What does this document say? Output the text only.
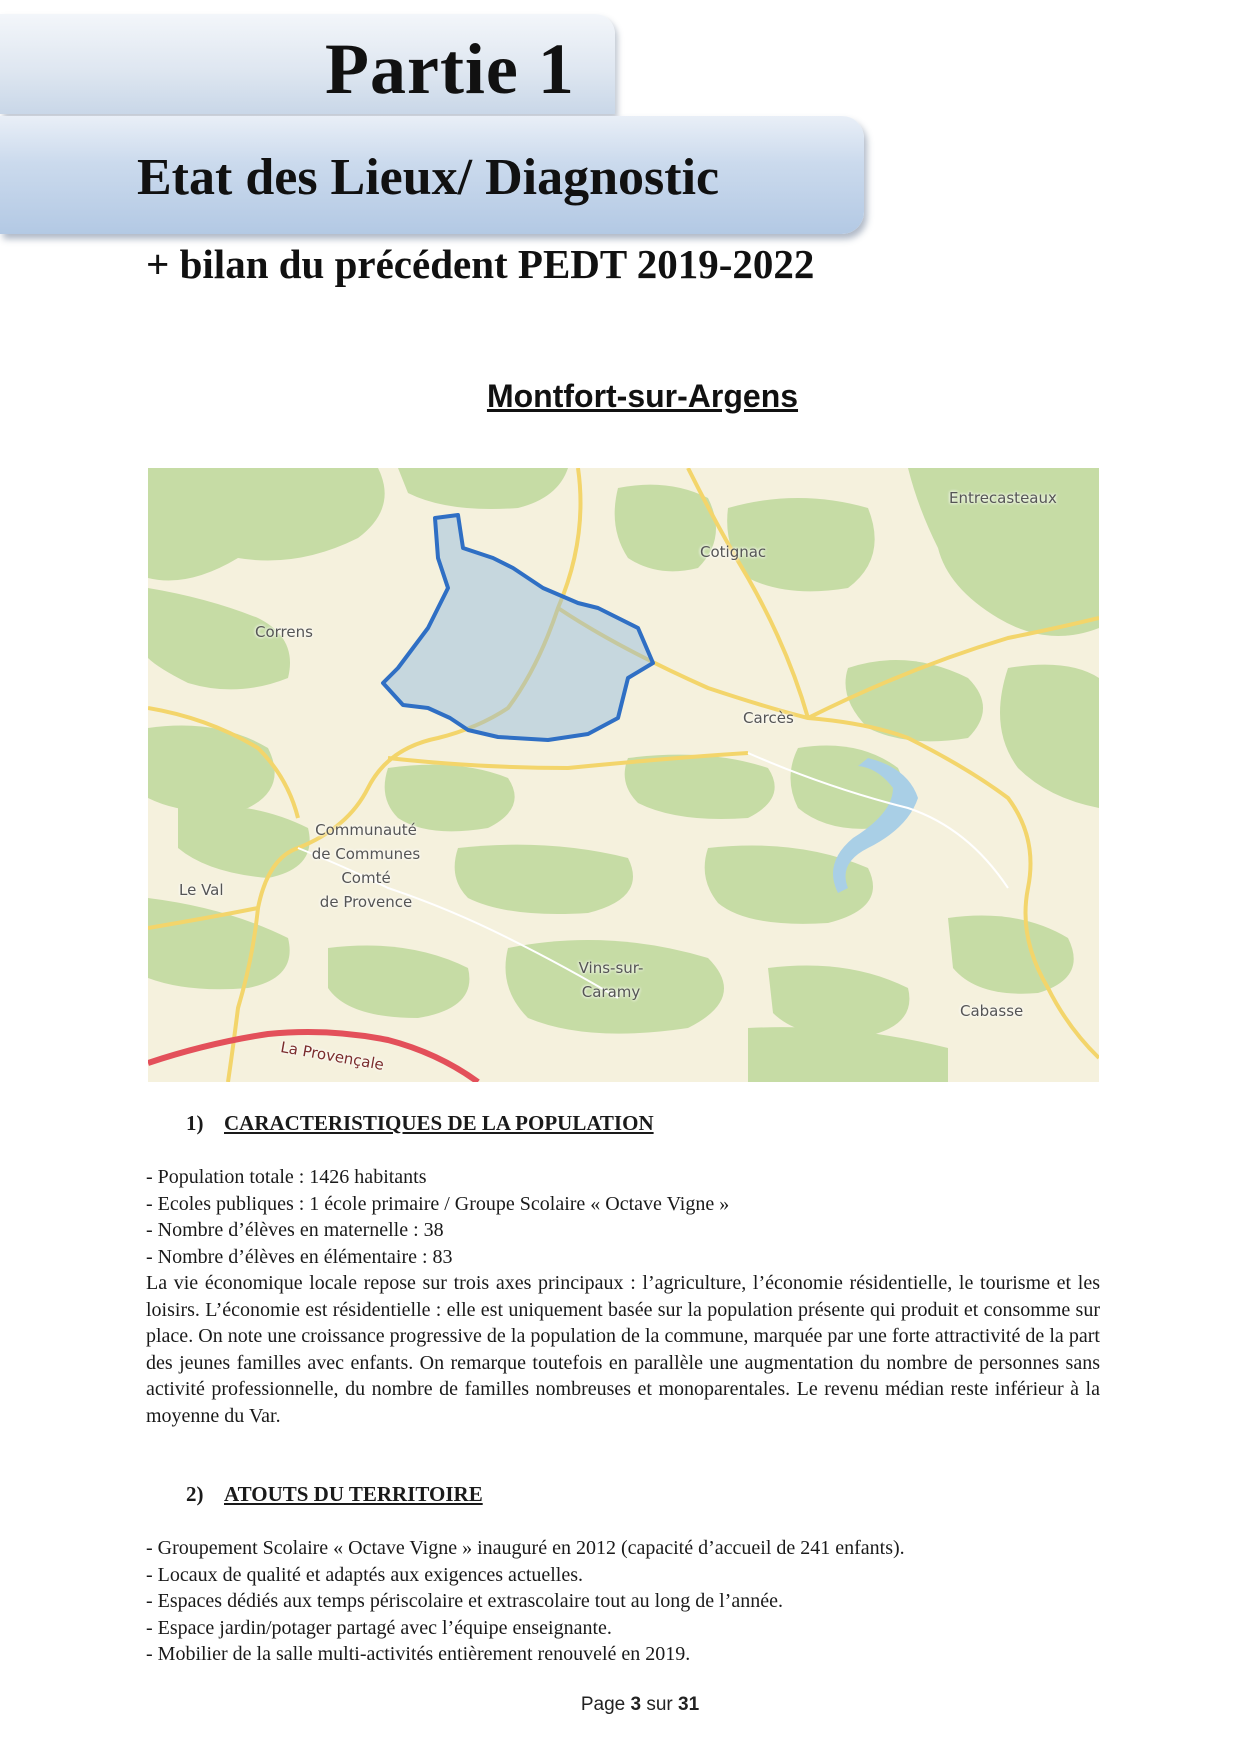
Partie 1
Etat des Lieux/ Diagnostic
+ bilan du précédent PEDT 2019-2022
Montfort-sur-Argens
Entrecasteaux
Cotignac
Correns
Carcès
Communauté
de Communes
Comté
de Provence
Le Val
Vins-sur-
Caramy
Cabasse
La Provençale
1) CARACTERISTIQUES DE LA POPULATION
- Population totale : 1426 habitants
- Ecoles publiques : 1 école primaire / Groupe Scolaire « Octave Vigne »
- Nombre d’élèves en maternelle : 38
- Nombre d’élèves en élémentaire : 83

La vie économique locale repose sur trois axes principaux : l’agriculture, l’économie résidentielle, le tourisme et les loisirs. L’économie est résidentielle : elle est uniquement basée sur la population présente qui produit et consomme sur place. On note une croissance progressive de la population de la commune, marquée par une forte attractivité de la part des jeunes familles avec enfants. On remarque toutefois en parallèle une augmentation du nombre de personnes sans activité professionnelle, du nombre de familles nombreuses et monoparentales. Le revenu médian reste inférieur à la moyenne du Var.

2) ATOUTS DU TERRITOIRE
- Groupement Scolaire « Octave Vigne » inauguré en 2012 (capacité d’accueil de 241 enfants).
- Locaux de qualité et adaptés aux exigences actuelles.
- Espaces dédiés aux temps périscolaire et extrascolaire tout au long de l’année.
- Espace jardin/potager partagé avec l’équipe enseignante.
- Mobilier de la salle multi-activités entièrement renouvelé en 2019.
Page 3 sur 31
